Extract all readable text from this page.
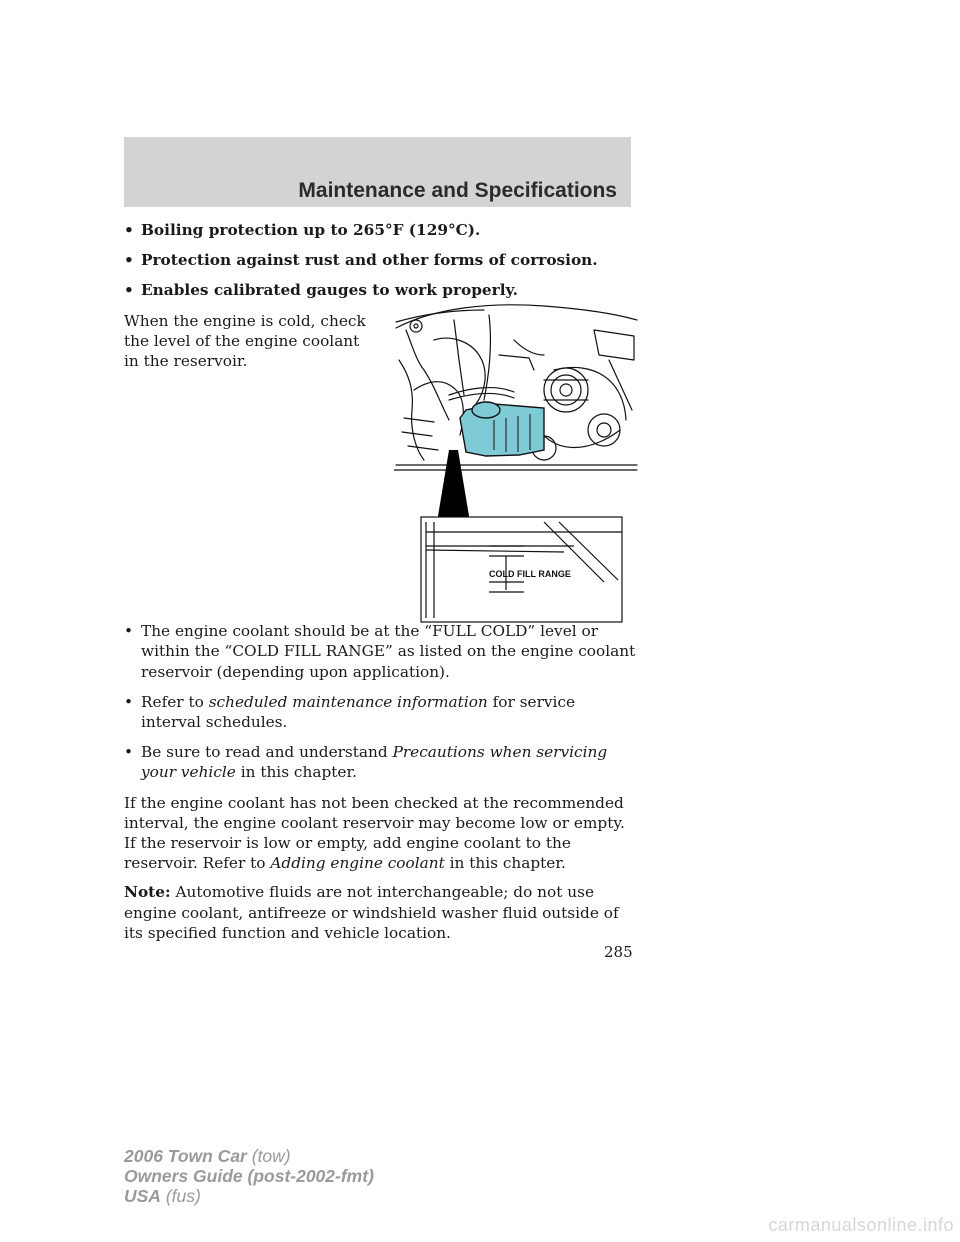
Maintenance and Specifications
• Boiling protection up to 265°F (129°C).
• Protection against rust and other forms of corrosion.
• Enables calibrated gauges to work properly.
When the engine is cold, check the level of the engine coolant in the reservoir.
• The engine coolant should be at the “FULL COLD” level or within the “COLD FILL RANGE” as listed on the engine coolant reservoir (depending upon application).
• Refer to scheduled maintenance information for service interval schedules.
• Be sure to read and understand Precautions when servicing your vehicle in this chapter.
If the engine coolant has not been checked at the recommended interval, the engine coolant reservoir may become low or empty. If the reservoir is low or empty, add engine coolant to the reservoir. Refer to Adding engine coolant in this chapter.
Note: Automotive fluids are not interchangeable; do not use engine coolant, antifreeze or windshield washer fluid outside of its specified function and vehicle location.
COLD FILL RANGE
285
2006 Town Car (tow)
Owners Guide (post-2002-fmt)
USA (fus)
carmanualsonline.info
